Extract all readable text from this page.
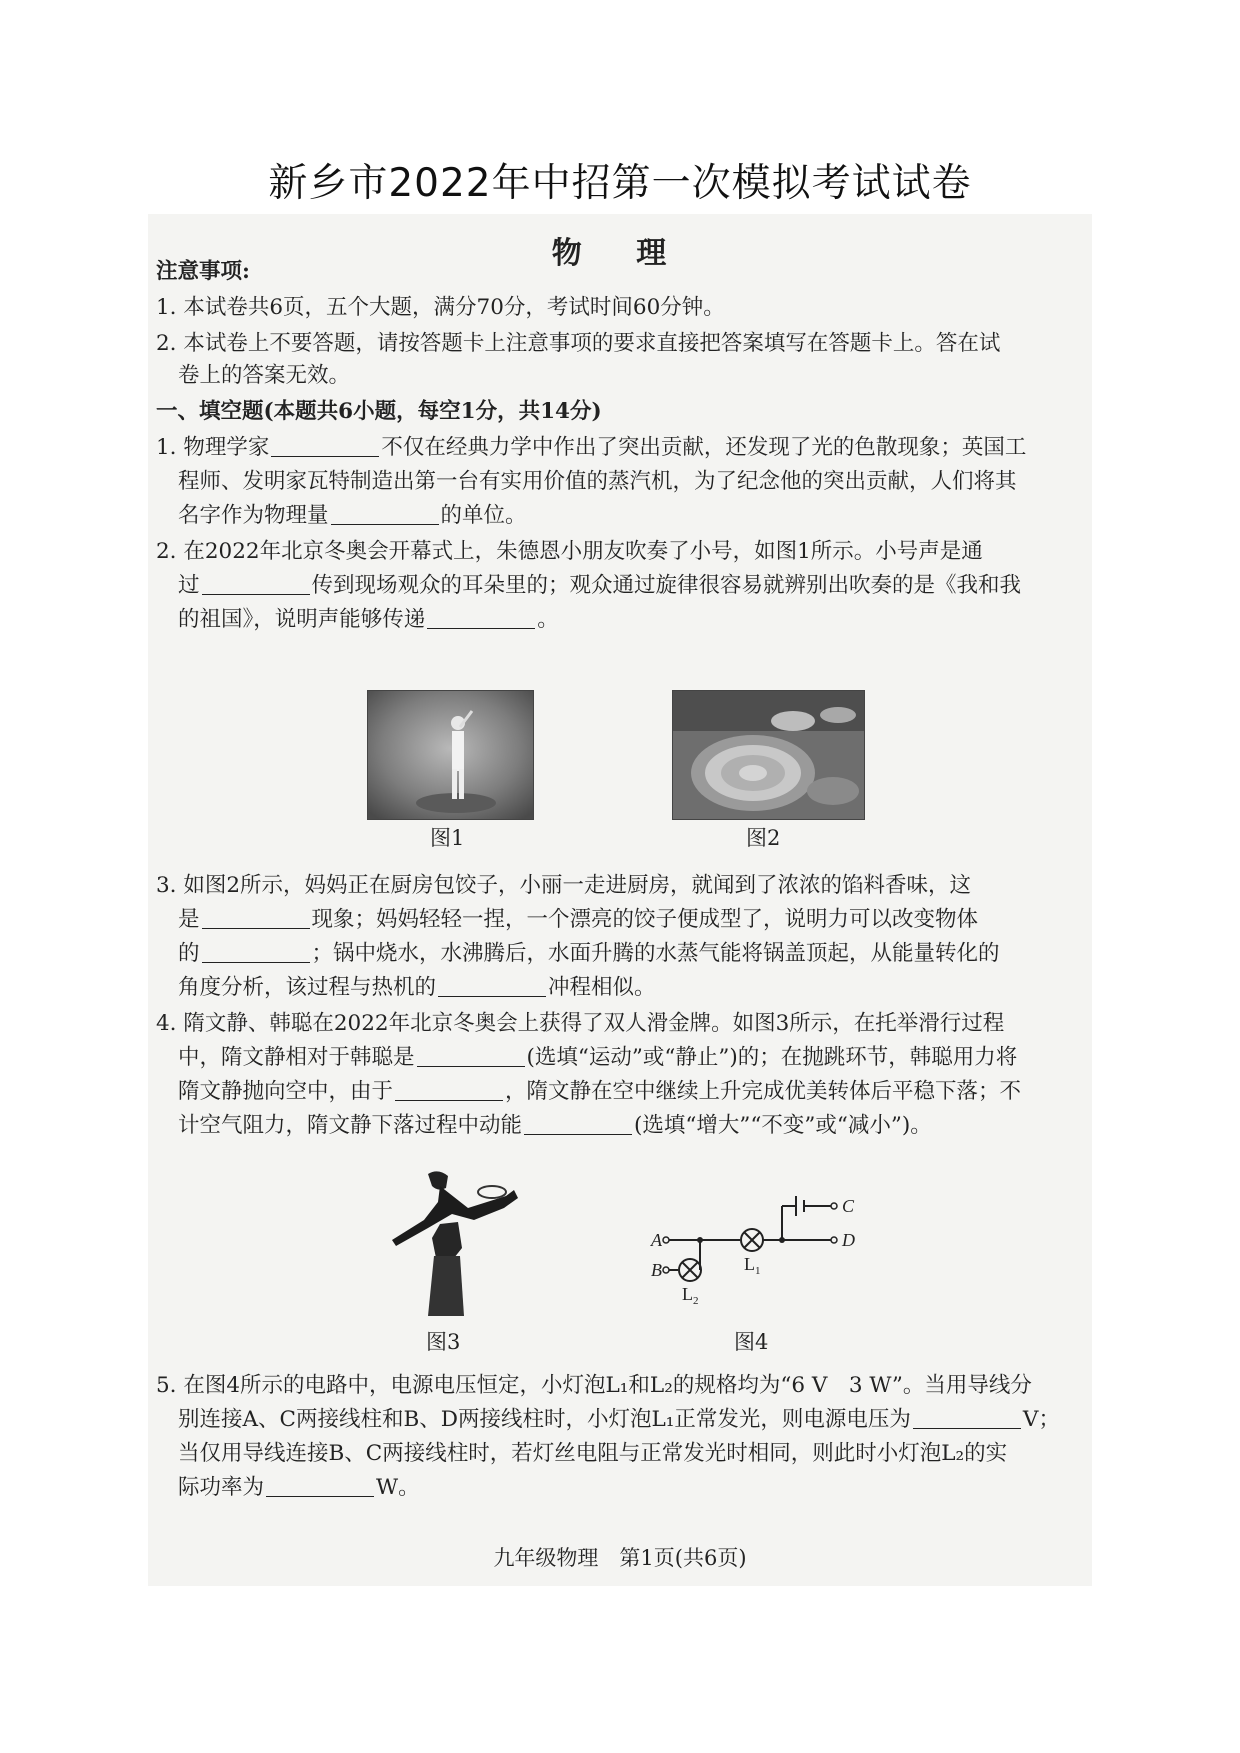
新乡市2022年中招第一次模拟考试试卷
物 理
注意事项:
1. 本试卷共6页，五个大题，满分70分，考试时间60分钟。
2. 本试卷上不要答题，请按答题卡上注意事项的要求直接把答案填写在答题卡上。答在试
卷上的答案无效。
一、填空题(本题共6小题，每空1分，共14分)
1. 物理学家	不仅在经典力学中作出了突出贡献，还发现了光的色散现象；英国工
程师、发明家瓦特制造出第一台有实用价值的蒸汽机，为了纪念他的突出贡献，人们将其
名字作为物理量	的单位。
2. 在2022年北京冬奥会开幕式上，朱德恩小朋友吹奏了小号，如图1所示。小号声是通
过	传到现场观众的耳朵里的；观众通过旋律很容易就辨别出吹奏的是《我和我
的祖国》，说明声能够传递	。
图1	图2
3. 如图2所示，妈妈正在厨房包饺子，小丽一走进厨房，就闻到了浓浓的馅料香味，这
是	现象；妈妈轻轻一捏，一个漂亮的饺子便成型了，说明力可以改变物体
的	；锅中烧水，水沸腾后，水面升腾的水蒸气能将锅盖顶起，从能量转化的
角度分析，该过程与热机的	冲程相似。
4. 隋文静、韩聪在2022年北京冬奥会上获得了双人滑金牌。如图3所示，在托举滑行过程
中，隋文静相对于韩聪是	(选填“运动”或“静止”)的；在抛跳环节，韩聪用力将
隋文静抛向空中，由于	，隋文静在空中继续上升完成优美转体后平稳下落；不
计空气阻力，隋文静下落过程中动能	(选填“增大”“不变”或“减小”)。
图3
A
B
C
D
$L_1$
$L_2$
图4
5. 在图4所示的电路中，电源电压恒定，小灯泡L₁和L₂的规格均为“6 V　3 W”。当用导线分
别连接A、C两接线柱和B、D两接线柱时，小灯泡L₁正常发光，则电源电压为	V；
当仅用导线连接B、C两接线柱时，若灯丝电阻与正常发光时相同，则此时小灯泡L₂的实
际功率为	W。
九年级物理　第1页(共6页)
